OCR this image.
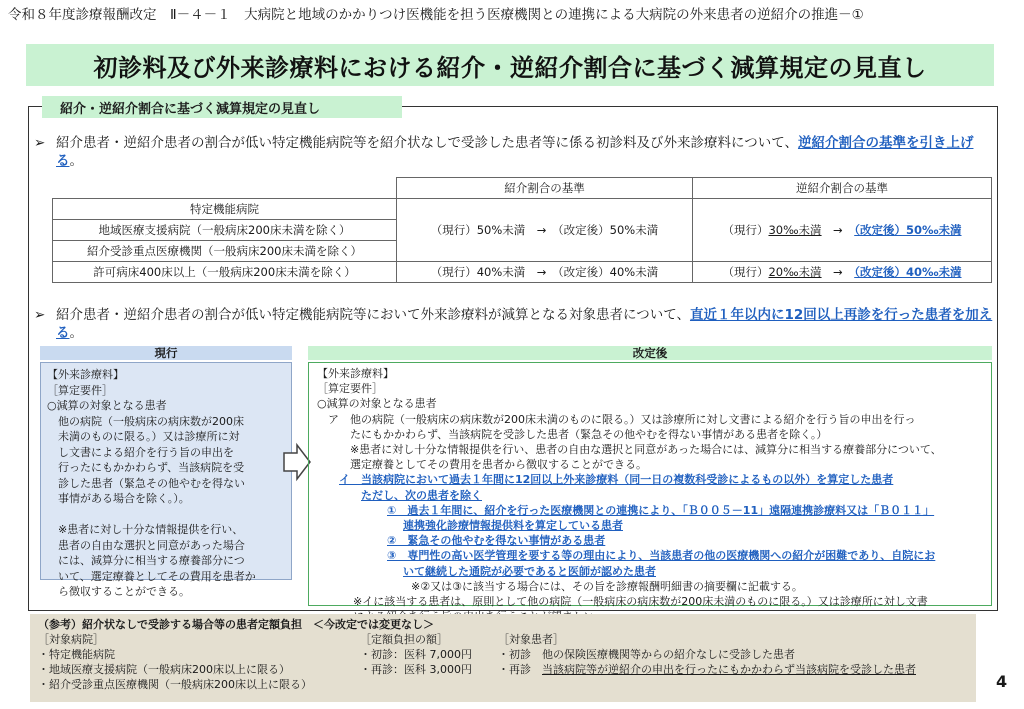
令和８年度診療報酬改定　Ⅱ－４－１　大病院と地域のかかりつけ医機能を担う医療機関との連携による大病院の外来患者の逆紹介の推進－①
初診料及び外来診療料における紹介・逆紹介割合に基づく減算規定の見直し
紹介・逆紹介割合に基づく減算規定の見直し
➢ 紹介患者・逆紹介患者の割合が低い特定機能病院等を紹介状なしで受診した患者等に係る初診料及び外来診療料について、逆紹介割合の基準を引き上げる。
	紹介割合の基準	逆紹介割合の基準
特定機能病院	（現行）50%未満　→　（改定後）50%未満	（現行）30‰未満　→　（改定後）50‰未満
地域医療支援病院（一般病床200床未満を除く）		
紹介受診重点医療機関（一般病床200床未満を除く）		
許可病床400床以上（一般病床200床未満を除く）	（現行）40%未満　→　（改定後）40%未満	（現行）20‰未満　→　（改定後）40‰未満
➢ 紹介患者・逆紹介患者の割合が低い特定機能病院等において外来診療料が減算となる対象患者について、直近１年以内に12回以上再診を行った患者を加える。
現行
【外来診療料】
［算定要件］
○減算の対象となる患者
　他の病院（一般病床の病床数が200床
　未満のものに限る。）又は診療所に対
　し文書による紹介を行う旨の申出を
　行ったにもかかわらず、当該病院を受
　診した患者（緊急その他やむを得ない
　事情がある場合を除く。）。
　※患者に対し十分な情報提供を行い、
　患者の自由な選択と同意があった場合
　には、減算分に相当する療養部分につ
　いて、選定療養としてその費用を患者か
　ら徴収することができる。
改定後
【外来診療料】
［算定要件］
○減算の対象となる患者
　ア　他の病院（一般病床の病床数が200床未満のものに限る。）又は診療所に対し文書による紹介を行う旨の申出を行っ
　　　たにもかかわらず、当該病院を受診した患者（緊急その他やむを得ない事情がある患者を除く。）
　　　※患者に対し十分な情報提供を行い、患者の自由な選択と同意があった場合には、減算分に相当する療養部分について、
　　　選定療養としてその費用を患者から徴収することができる。
イ　当該病院において過去１年間に12回以上外来診療料（同一日の複数科受診によるもの以外）を算定した患者
ただし、次の患者を除く
①　過去１年間に、紹介を行った医療機関との連携により、「Ｂ００５－11」遠隔連携診療料又は「Ｂ０１１」
連携強化診療情報提供料を算定している患者
②　緊急その他やむを得ない事情がある患者
③　専門性の高い医学管理を要する等の理由により、当該患者の他の医療機関への紹介が困難であり、自院にお
いて継続した通院が必要であると医師が認めた患者
※②又は③に該当する場合には、その旨を診療報酬明細書の摘要欄に記載する。
※イに該当する患者は、原則として他の病院（一般病床の病床数が200床未満のものに限る。）又は診療所に対し文書
（参考）紹介状なしで受診する場合等の患者定額負担　＜今改定では変更なし＞
［対象病院］
・特定機能病院
・地域医療支援病院（一般病床200床以上に限る）
・紹介受診重点医療機関（一般病床200床以上に限る）
［定額負担の額］
・初診：医科 7,000円
・再診：医科 3,000円
［対象患者］
・初診　他の保険医療機関等からの紹介なしに受診した患者
・再診　当該病院等が逆紹介の申出を行ったにもかかわらず当該病院を受診した患者
4
